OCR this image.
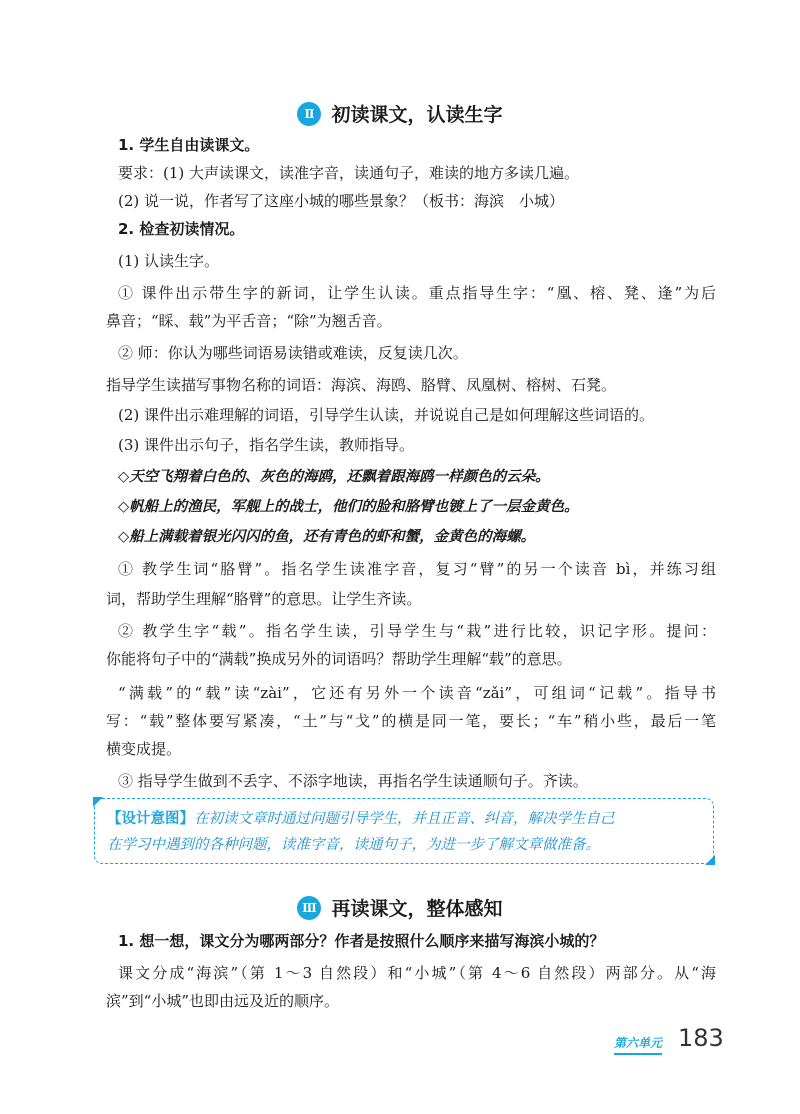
Ⅱ 初读课文，认读生字
1. 学生自由读课文。
要求：(1) 大声读课文，读准字音，读通句子，难读的地方多读几遍。
(2) 说一说，作者写了这座小城的哪些景象？（板书：海滨　小城）
2. 检查初读情况。
(1) 认读生字。
① 课件出示带生字的新词，让学生认读。重点指导生字：“凰、榕、凳、逢”为后
鼻音；“睬、载”为平舌音；“除”为翘舌音。
② 师：你认为哪些词语易读错或难读，反复读几次。
指导学生读描写事物名称的词语：海滨、海鸥、胳臂、凤凰树、榕树、石凳。
(2) 课件出示难理解的词语，引导学生认读，并说说自己是如何理解这些词语的。
(3) 课件出示句子，指名学生读，教师指导。
◇天空飞翔着白色的、灰色的海鸥，还飘着跟海鸥一样颜色的云朵。
◇帆船上的渔民，军舰上的战士，他们的脸和胳臂也镀上了一层金黄色。
◇船上满载着银光闪闪的鱼，还有青色的虾和蟹，金黄色的海螺。
① 教学生词“胳臂”。指名学生读准字音，复习“臂”的另一个读音 bì，并练习组
词，帮助学生理解“胳臂”的意思。让学生齐读。
② 教学生字“载”。指名学生读，引导学生与“栽”进行比较，识记字形。提问：
你能将句子中的“满载”换成另外的词语吗？帮助学生理解“载”的意思。
“满载”的“载”读“zài”，它还有另外一个读音“zǎi”，可组词“记载”。指导书
写：“载”整体要写紧凑，“土”与“戈”的横是同一笔，要长；“车”稍小些，最后一笔
横变成提。
③ 指导学生做到不丢字、不添字地读，再指名学生读通顺句子。齐读。
【设计意图】在初读文章时通过问题引导学生，并且正音、纠音，解决学生自己
在学习中遇到的各种问题，读准字音，读通句子，为进一步了解文章做准备。
Ⅲ 再读课文，整体感知
1. 想一想，课文分为哪两部分？作者是按照什么顺序来描写海滨小城的？
课文分成“海滨”（第 1～3 自然段）和“小城”（第 4～6 自然段）两部分。从“海
滨”到“小城”也即由远及近的顺序。
第六单元 183
